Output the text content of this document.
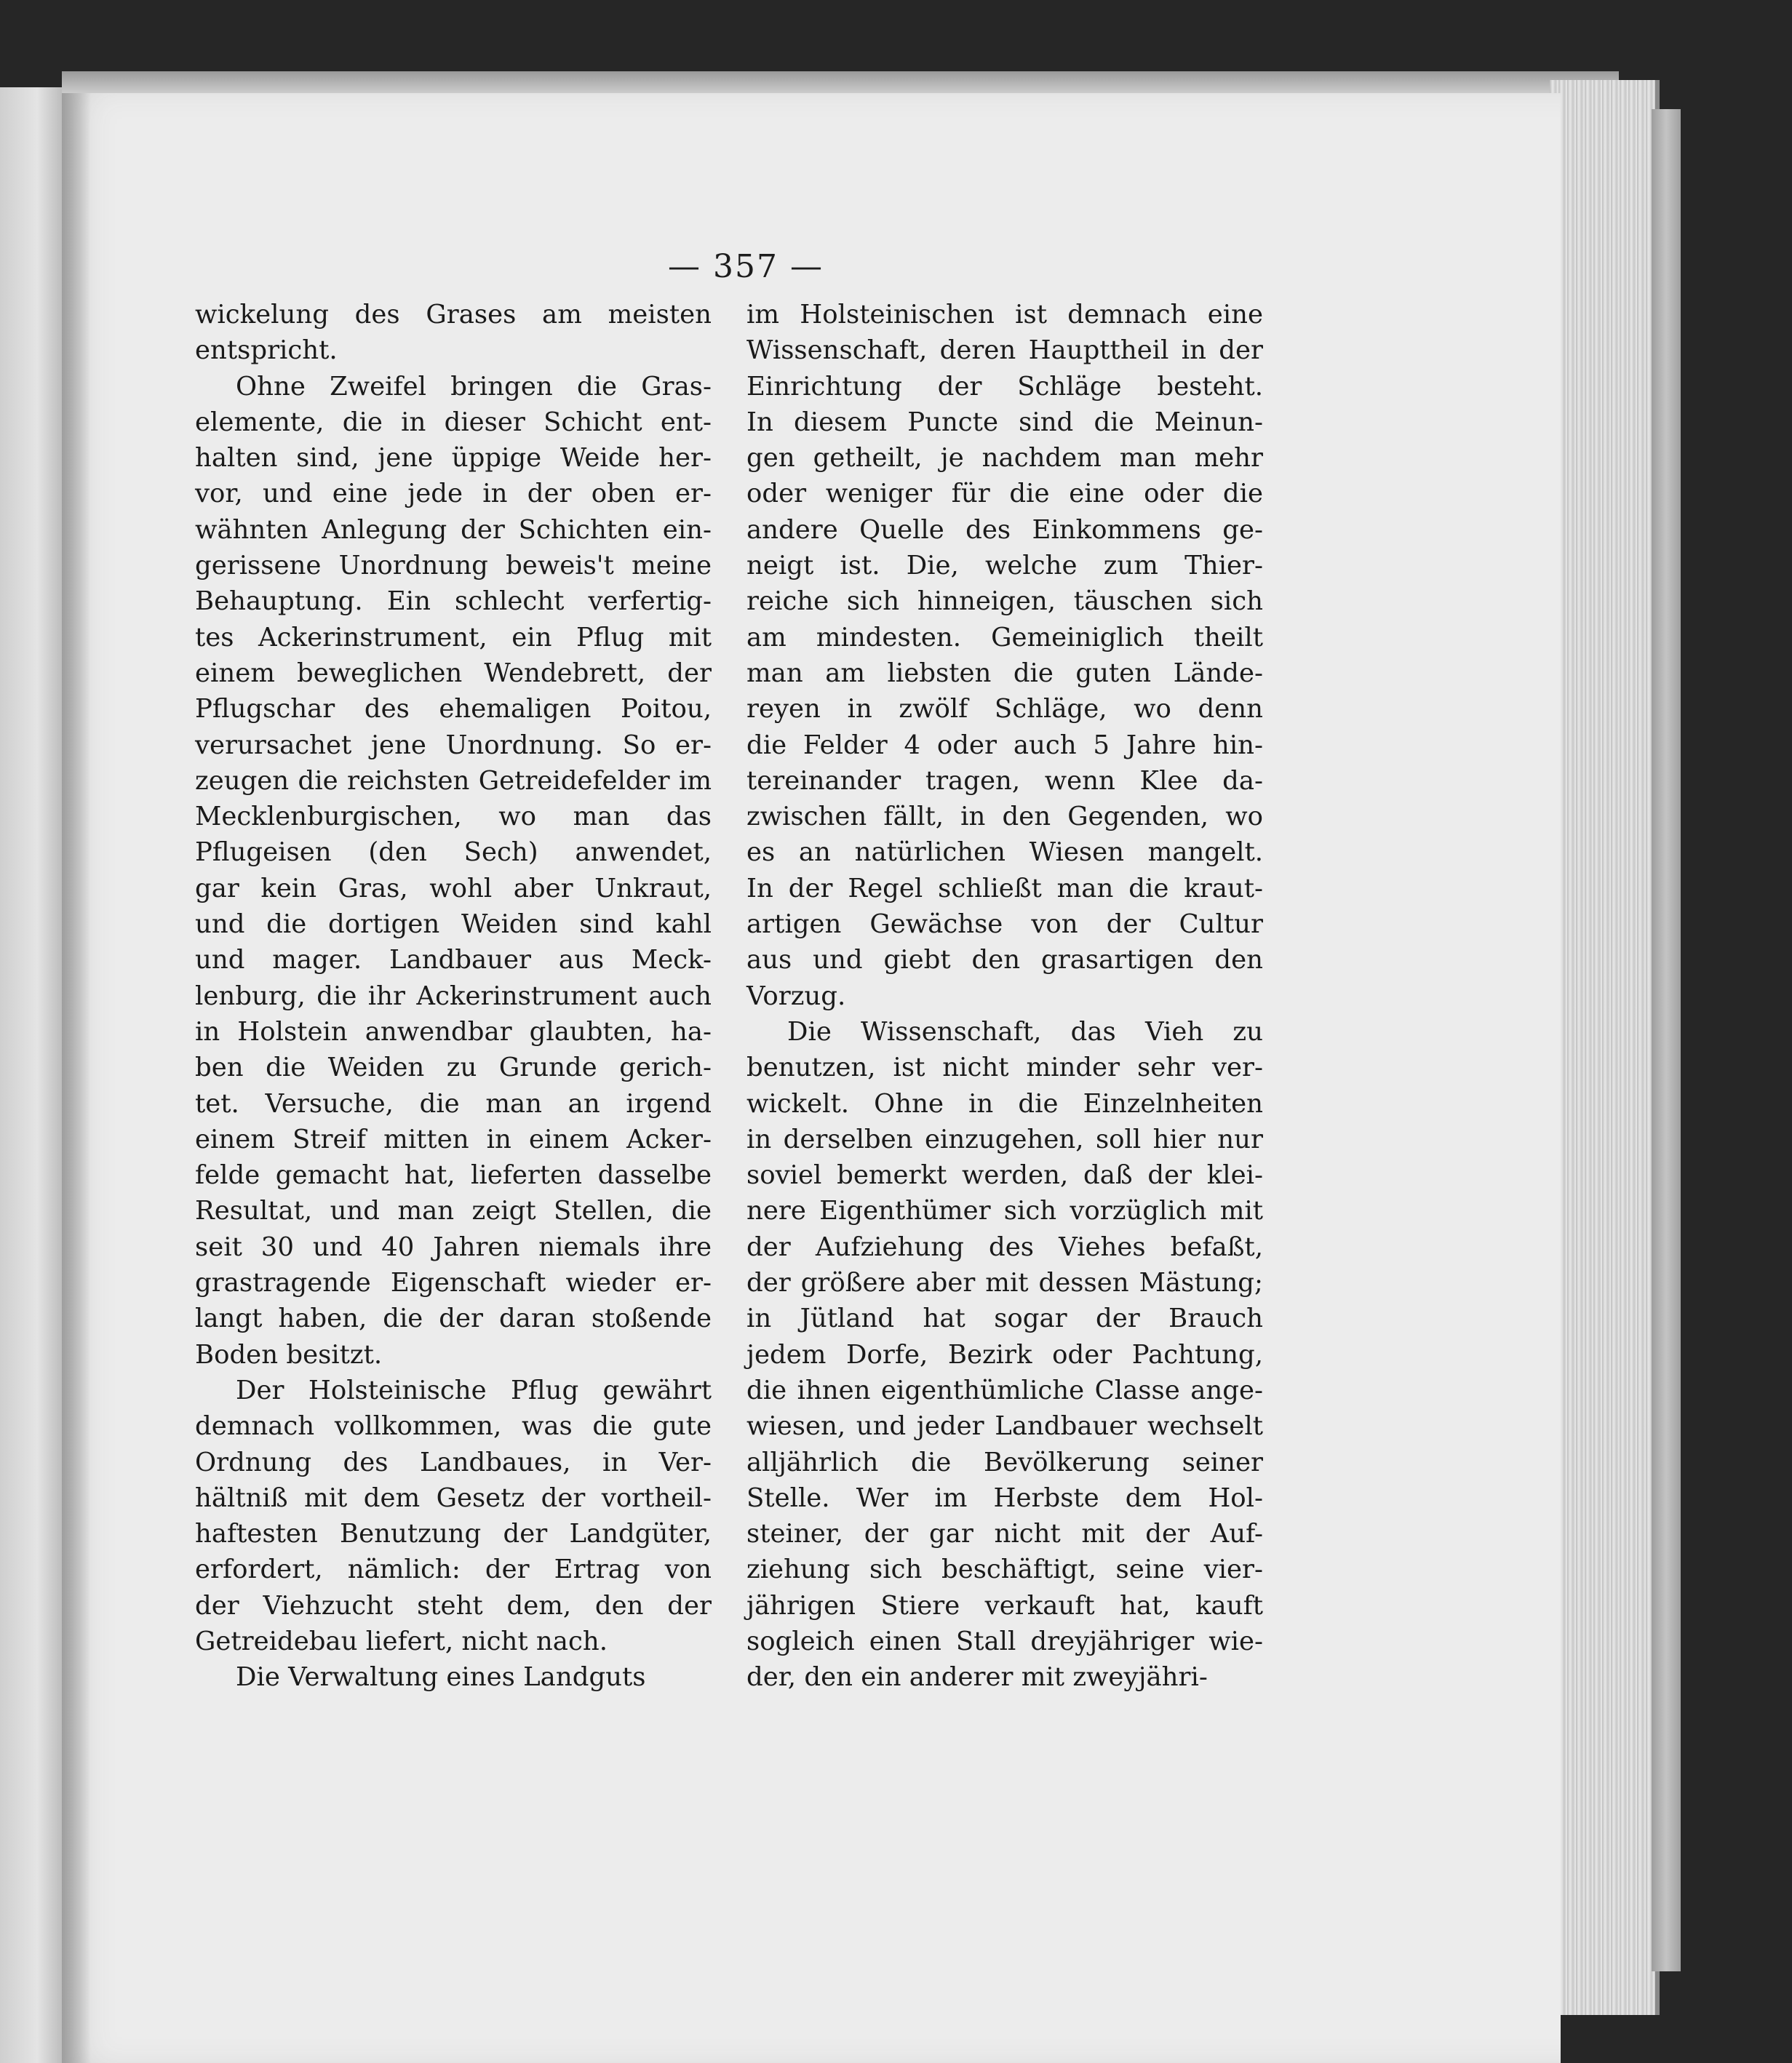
— 357 —
wickelung des Grases am meisten
entspricht.
Ohne Zweifel bringen die Gras-
elemente, die in dieser Schicht ent-
halten sind, jene üppige Weide her-
vor, und eine jede in der oben er-
wähnten Anlegung der Schichten ein-
gerissene Unordnung beweis't meine
Behauptung. Ein schlecht verfertig-
tes Ackerinstrument, ein Pflug mit
einem beweglichen Wendebrett, der
Pflugschar des ehemaligen Poitou,
verursachet jene Unordnung. So er-
zeugen die reichsten Getreidefelder im
Mecklenburgischen, wo man das
Pflugeisen (den Sech) anwendet,
gar kein Gras, wohl aber Unkraut,
und die dortigen Weiden sind kahl
und mager. Landbauer aus Meck-
lenburg, die ihr Ackerinstrument auch
in Holstein anwendbar glaubten, ha-
ben die Weiden zu Grunde gerich-
tet. Versuche, die man an irgend
einem Streif mitten in einem Acker-
felde gemacht hat, lieferten dasselbe
Resultat, und man zeigt Stellen, die
seit 30 und 40 Jahren niemals ihre
grastragende Eigenschaft wieder er-
langt haben, die der daran stoßende
Boden besitzt.
Der Holsteinische Pflug gewährt
demnach vollkommen, was die gute
Ordnung des Landbaues, in Ver-
hältniß mit dem Gesetz der vortheil-
haftesten Benutzung der Landgüter,
erfordert, nämlich: der Ertrag von
der Viehzucht steht dem, den der
Getreidebau liefert, nicht nach.
Die Verwaltung eines Landguts
im Holsteinischen ist demnach eine
Wissenschaft, deren Haupttheil in der
Einrichtung der Schläge besteht.
In diesem Puncte sind die Meinun-
gen getheilt, je nachdem man mehr
oder weniger für die eine oder die
andere Quelle des Einkommens ge-
neigt ist. Die, welche zum Thier-
reiche sich hinneigen, täuschen sich
am mindesten. Gemeiniglich theilt
man am liebsten die guten Lände-
reyen in zwölf Schläge, wo denn
die Felder 4 oder auch 5 Jahre hin-
tereinander tragen, wenn Klee da-
zwischen fällt, in den Gegenden, wo
es an natürlichen Wiesen mangelt.
In der Regel schließt man die kraut-
artigen Gewächse von der Cultur
aus und giebt den grasartigen den
Vorzug.
Die Wissenschaft, das Vieh zu
benutzen, ist nicht minder sehr ver-
wickelt. Ohne in die Einzelnheiten
in derselben einzugehen, soll hier nur
soviel bemerkt werden, daß der klei-
nere Eigenthümer sich vorzüglich mit
der Aufziehung des Viehes befaßt,
der größere aber mit dessen Mästung;
in Jütland hat sogar der Brauch
jedem Dorfe, Bezirk oder Pachtung,
die ihnen eigenthümliche Classe ange-
wiesen, und jeder Landbauer wechselt
alljährlich die Bevölkerung seiner
Stelle. Wer im Herbste dem Hol-
steiner, der gar nicht mit der Auf-
ziehung sich beschäftigt, seine vier-
jährigen Stiere verkauft hat, kauft
sogleich einen Stall dreyjähriger wie-
der, den ein anderer mit zweyjähri-
